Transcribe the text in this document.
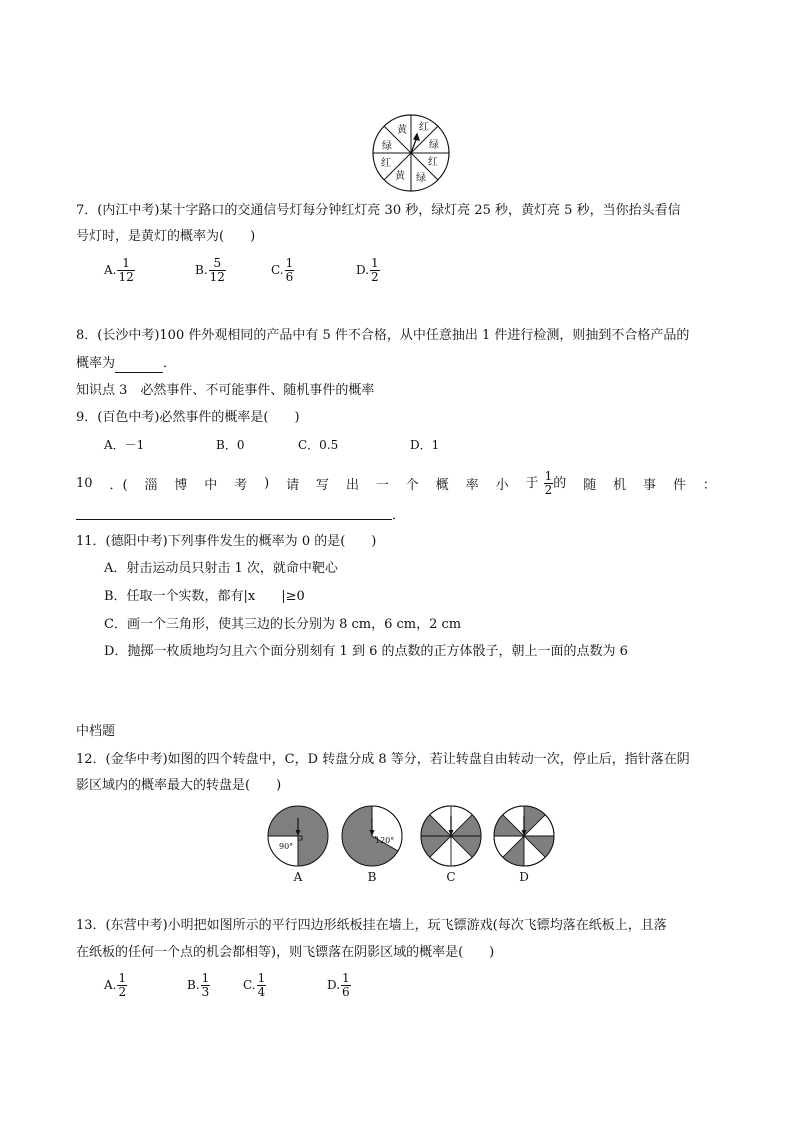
黄 红
绿	绿
红	红
黄 绿
7．(内江中考)某十字路口的交通信号灯每分钟红灯亮 30 秒，绿灯亮 25 秒，黄灯亮 5 秒，当你抬头看信
号灯时，是黄灯的概率为(　　)
A. $\frac{1}{12}$	B. $\frac{5}{12}$	C. $\frac{1}{6}$	D. $\frac{1}{2}$
8．(长沙中考)100 件外观相同的产品中有 5 件不合格，从中任意抽出 1 件进行检测，则抽到不合格产品的
概率为	．
知识点 3　必然事件、不可能事件、随机事件的概率
9．(百色中考)必然事件的概率是(　　)
A．－1	B．0	C．0.5	D．1
10 ．( 淄 博 中 考 ) 请 写 出 一 个 概 率 小 于 $\frac{1}{2}$ 的 随 机 事 件 ：
．
11．(德阳中考)下列事件发生的概率为 0 的是(　　)
A．射击运动员只射击 1 次，就命中靶心
B．任取一个实数，都有|x　　|≥0
C．画一个三角形，使其三边的长分别为 8 cm，6 cm，2 cm
D．抛掷一枚质地均匀且六个面分别刻有 1 到 6 的点数的正方体骰子，朝上一面的点数为 6
中档题
12．(金华中考)如图的四个转盘中，C，D 转盘分成 8 等分，若让转盘自由转动一次，停止后，指针落在阴
影区域内的概率最大的转盘是(　　)
90°
A
120°
B	C	D
13．(东营中考)小明把如图所示的平行四边形纸板挂在墙上，玩飞镖游戏(每次飞镖均落在纸板上，且落
在纸板的任何一个点的机会都相等)，则飞镖落在阴影区域的概率是(　　)
A. $\frac{1}{2}$	B. $\frac{1}{3}$	C. $\frac{1}{4}$	D. $\frac{1}{6}$
